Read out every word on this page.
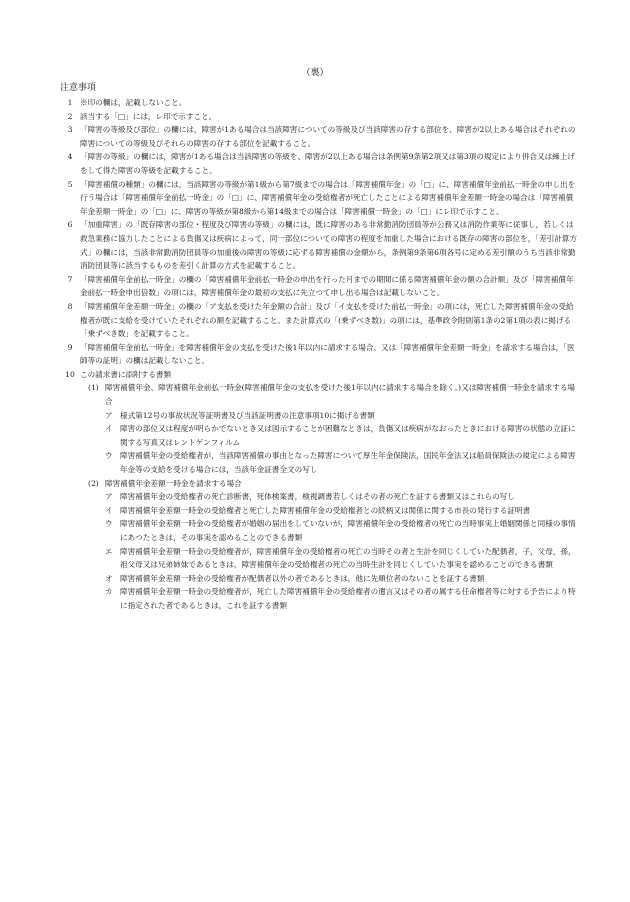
（裏）
注意事項
1 ※印の欄は，記載しないこと。
2 該当する「□」には，レ印で示すこと。
3 「障害の等級及び部位」の欄には，障害が1ある場合は当該障害についての等級及び当該障害の存する部位を、障害が2以上ある場合はそれぞれの障害についての等級及びそれらの障害の存する部位を記載すること。
4 「障害の等級」の欄には，障害が1ある場合は当該障害の等級を、障害が2以上ある場合は条例第9条第2項又は第3項の規定により併合又は繰上げをして得た障害の等級を記載すること。
5 「障害補償の種類」の欄には，当該障害の等級が第1級から第7級までの場合は「障害補償年金」の「□」に、障害補償年金前払一時金の申し出を行う場合は「障害補償年金前払一時金」の「□」に、障害補償年金の受給権者が死亡したことによる障害補償年金差額一時金の場合は「障害補償年金差額一時金」の「□」に、障害の等級が第8級から第14級までの場合は「障害補償一時金」の「□」にレ印で示すこと。
6 「加重障害」の「既存障害の部位・程度及び障害の等級」の欄には，既に障害のある非常勤消防団員等が公務又は消防作業等に従事し，若しくは救急業務に協力したことによる負傷又は疾病によって，同一部位についての障害の程度を加重した場合における既存の障害の部位を，「差引計算方式」の欄には，当該非常勤消防団員等の加重後の障害の等級に応ずる障害補償の金額から，条例第9条第6項各号に定める差引額のうち当該非常勤消防団員等に該当するものを差引く計算の方式を記載すること。
7 「障害補償年金前払一時金」の欄の「障害補償年金前払一時金の申出を行った月までの期間に係る障害補償年金の額の合計額」及び「障害補償年金前払一時金申出倍数」の項には，障害補償年金の最初の支払に先立つて申し出る場合は記載しないこと。
8 「障害補償年金差額一時金」の欄の「ア支払を受けた年金額の合計」及び「イ支払を受けた前払一時金」の項には，死亡した障害補償年金の受給権者が既に支給を受けていたそれぞれの額を記載すること。また計算式の「(乗ずべき数)」の項には，基準政令附則第1条の2第1項の表に掲げる「乗ずべき数」を記載すること。
9 「障害補償年金前払一時金」を障害補償年金の支払を受けた後1年以内に請求する場合、又は「障害補償年金差額一時金」を請求する場合は，「医師等の証明」の欄は記載しないこと。
10 この請求書に添附する書類
(1) 障害補償年金、障害補償年金前払一時金(障害補償年金の支払を受けた後1年以内に請求する場合を除く。)又は障害補償一時金を請求する場合
ア 様式第12号の事故状況等証明書及び当該証明書の注意事項10に掲げる書類
イ 障害の部位又は程度が明らかでないとき又は図示することが困難なときは，負傷又は疾病がなおったときにおける障害の状態の立証に関する写真又はレントゲンフィルム
ウ 障害補償年金の受給権者が，当該障害補償の事由となった障害について厚生年金保険法，国民年金法又は船員保険法の規定による障害年金等の支給を受ける場合には，当該年金証書全文の写し
(2) 障害補償年金差額一時金を請求する場合
ア 障害補償年金の受給権者の死亡診断書，死体検案書，検視調書若しくはその者の死亡を証する書類又はこれらの写し
イ 障害補償年金差額一時金の受給権者と死亡した障害補償年金の受給権者との続柄又は関係に関する市長の発行する証明書
ウ 障害補償年金差額一時金の受給権者が婚姻の届出をしていないが，障害補償年金の受給権者の死亡の当時事実上婚姻関係と同様の事情にあつたときは，その事実を認めることのできる書類
エ 障害補償年金差額一時金の受給権者が，障害補償年金の受給権者の死亡の当時その者と生計を同じくしていた配偶者，子，父母，孫，祖父母又は兄弟姉妹であるときは，障害補償年金の受給権者の死亡の当時生計を同じくしていた事実を認めることのできる書類
オ 障害補償年金差額一時金の受給権者が配偶者以外の者であるときは，他に先順位者のないことを証する書類
カ 障害補償年金差額一時金の受給権者が，死亡した障害補償年金の受給権者の遺言又はその者の属する任命権者等に対する予告により特に指定された者であるときは，これを証する書類
